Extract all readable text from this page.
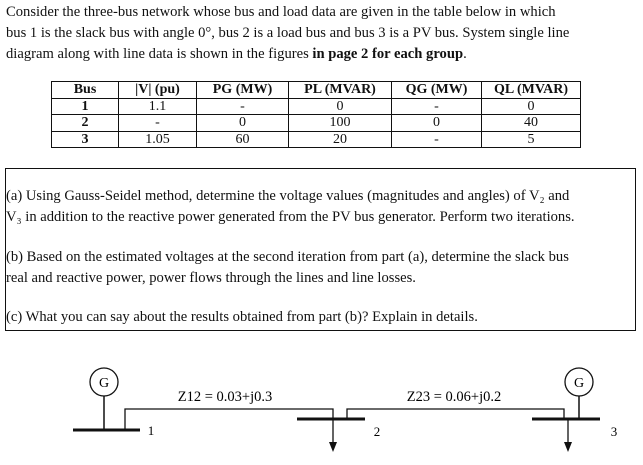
Consider the three-bus network whose bus and load data are given in the table below in which

bus 1 is the slack bus with angle 0°, bus 2 is a load bus and bus 3 is a PV bus. System single line

diagram along with line data is shown in the figures in page 2 for each group.

Bus	|V| (pu)	PG (MW)	PL (MVAR)	QG (MW)	QL (MVAR)
1	1.1	-	0	-	0
2	-	0	100	0	40
3	1.05	60	20	-	5

(a) Using Gauss-Seidel method, determine the voltage values (magnitudes and angles) of V₂ and

V₃ in addition to the reactive power generated from the PV bus generator. Perform two iterations.

(b) Based on the estimated voltages at the second iteration from part (a), determine the slack bus

real and reactive power, power flows through the lines and line losses.

(c) What you can say about the results obtained from part (b)? Explain in details.

G
1
Z12 = 0.03+j0.3
2
Z23 = 0.06+j0.2
3
G
